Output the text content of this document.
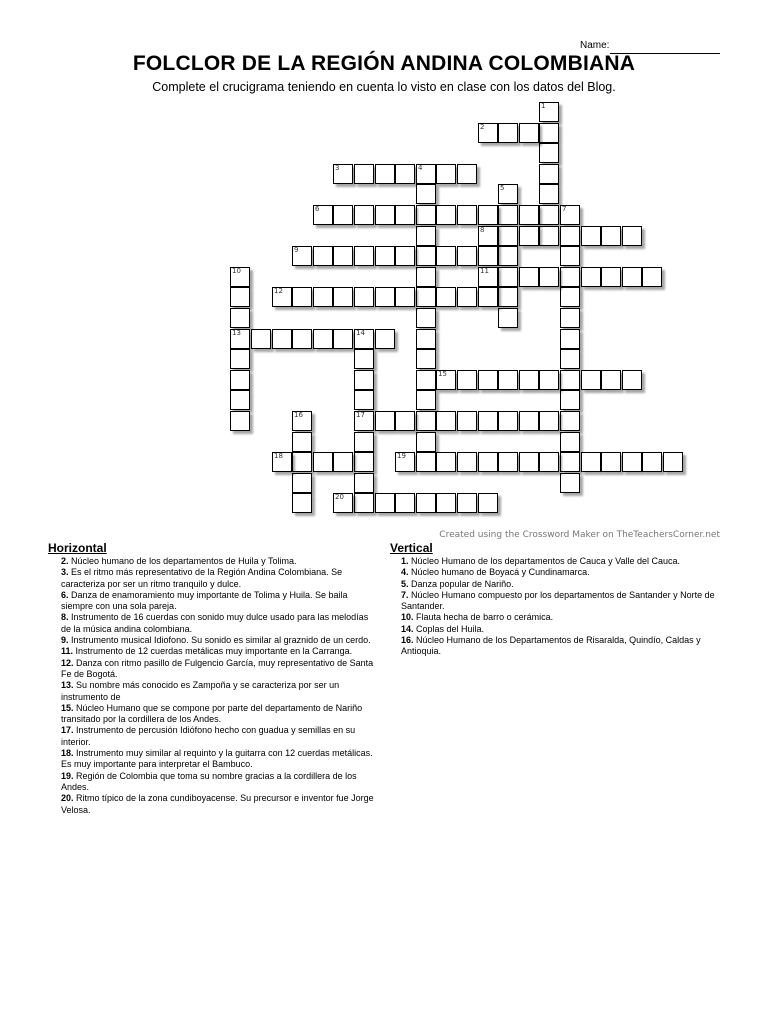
Name:
FOLCLOR DE LA REGIÓN ANDINA COLOMBIANA
Complete el crucigrama teniendo en cuenta lo visto en clase con los datos del Blog.
1
2
3	4
5
6	7
8
9
10
13
11
12
14
17
15
16
18	19
20
Created using the Crossword Maker on TheTeachersCorner.net
Horizontal	Vertical

2. Núcleo humano de los departamentos de Huila y Tolima.

3. Es el ritmo más representativo de la Región Andina Colombiana. Se caracteriza por ser un ritmo tranquilo y dulce.

6. Danza de enamoramiento muy importante de Tolima y Huila. Se baila siempre con una sola pareja.

8. Instrumento de 16 cuerdas con sonido muy dulce usado para las melodías de la música andina colombiana.

9. Instrumento musical Idiofono. Su sonido es similar al graznido de un cerdo.

11. Instrumento de 12 cuerdas metálicas muy importante en la Carranga.

12. Danza con ritmo pasillo de Fulgencio García, muy representativo de Santa Fe de Bogotá.

13. Su nombre más conocido es Zampoña y se caracteriza por ser un instrumento de

15. Núcleo Humano que se compone por parte del departamento de Nariño transitado por la cordillera de los Andes.

17. Instrumento de percusión Idiófono hecho con guadua y semillas en su interior.

18. Instrumento muy similar al requinto y la guitarra con 12 cuerdas metálicas. Es muy importante para interpretar el Bambuco.

19. Región de Colombia que toma su nombre gracias a la cordillera de los Andes.

20. Ritmo típico de la zona cundiboyacense. Su precursor e inventor fue Jorge Velosa.

1. Núcleo Humano de los departamentos de Cauca y Valle del Cauca.

4. Núcleo humano de Boyacá y Cundinamarca.

5. Danza popular de Nariño.

7. Núcleo Humano compuesto por los departamentos de Santander y Norte de Santander.

10. Flauta hecha de barro o cerámica.

14. Coplas del Huila.

16. Núcleo Humano de los Departamentos de Risaralda, Quindío, Caldas y Antioquia.
